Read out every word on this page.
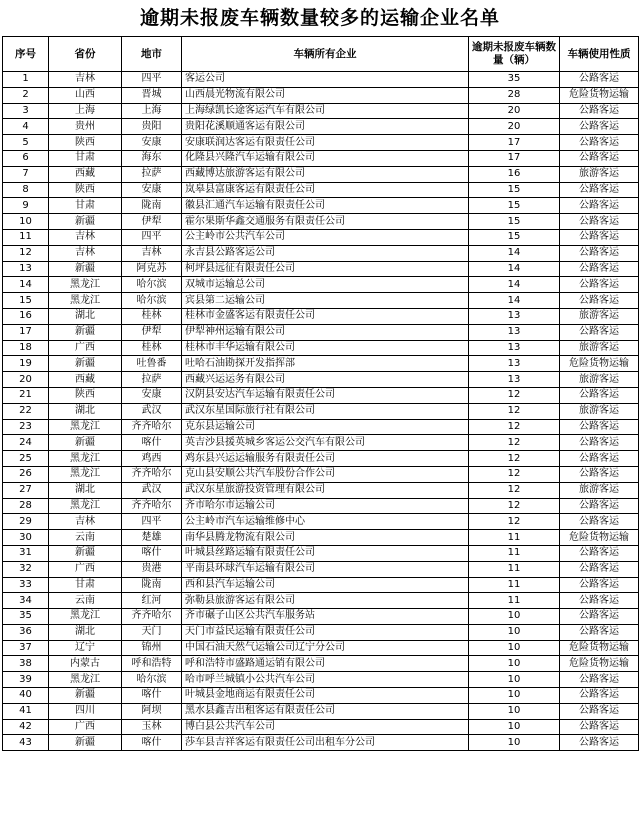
逾期未报废车辆数量较多的运输企业名单
序号	省份	地市	车辆所有企业	逾期未报废车辆数量（辆）	车辆使用性质
1	吉林	四平	客运公司	35	公路客运
2	山西	晋城	山西晨光物流有限公司	28	危险货物运输
3	上海	上海	上海绿凯长途客运汽车有限公司	20	公路客运
4	贵州	贵阳	贵阳花溪顺通客运有限公司	20	公路客运
5	陕西	安康	安康联润达客运有限责任公司	17	公路客运
6	甘肃	海东	化隆县兴隆汽车运输有限公司	17	公路客运
7	西藏	拉萨	西藏博达旅游客运有限公司	16	旅游客运
8	陕西	安康	岚皋县富康客运有限责任公司	15	公路客运
9	甘肃	陇南	徽县汇通汽车运输有限责任公司	15	公路客运
10	新疆	伊犁	霍尔果斯华鑫交通服务有限责任公司	15	公路客运
11	吉林	四平	公主岭市公共汽车公司	15	公路客运
12	吉林	吉林	永吉县公路客运公司	14	公路客运
13	新疆	阿克苏	柯坪县远征有限责任公司	14	公路客运
14	黑龙江	哈尔滨	双城市运输总公司	14	公路客运
15	黑龙江	哈尔滨	宾县第二运输公司	14	公路客运
16	湖北	桂林	桂林市金盛客运有限责任公司	13	旅游客运
17	新疆	伊犁	伊犁神州运输有限公司	13	公路客运
18	广西	桂林	桂林市丰华运输有限公司	13	旅游客运
19	新疆	吐鲁番	吐哈石油勘探开发指挥部	13	危险货物运输
20	西藏	拉萨	西藏兴运运务有限公司	13	旅游客运
21	陕西	安康	汉阴县安达汽车运输有限责任公司	12	公路客运
22	湖北	武汉	武汉东星国际旅行社有限公司	12	旅游客运
23	黑龙江	齐齐哈尔	克东县运输公司	12	公路客运
24	新疆	喀什	英吉沙县援英城乡客运公交汽车有限公司	12	公路客运
25	黑龙江	鸡西	鸡东县兴运运输服务有限责任公司	12	公路客运
26	黑龙江	齐齐哈尔	克山县安顺公共汽车股份合作公司	12	公路客运
27	湖北	武汉	武汉东星旅游投资管理有限公司	12	旅游客运
28	黑龙江	齐齐哈尔	齐市哈尔市运输公司	12	公路客运
29	吉林	四平	公主岭市汽车运输维修中心	12	公路客运
30	云南	楚雄	南华县腾龙物流有限公司	11	危险货物运输
31	新疆	喀什	叶城县丝路运输有限责任公司	11	公路客运
32	广西	贵港	平南县环球汽车运输有限公司	11	公路客运
33	甘肃	陇南	西和县汽车运输公司	11	公路客运
34	云南	红河	弥勒县旅游客运有限公司	11	公路客运
35	黑龙江	齐齐哈尔	齐市碾子山区公共汽车服务站	10	公路客运
36	湖北	天门	天门市益民运输有限责任公司	10	公路客运
37	辽宁	锦州	中国石油天然气运输公司辽宁分公司	10	危险货物运输
38	内蒙古	呼和浩特	呼和浩特市盛路通运销有限公司	10	危险货物运输
39	黑龙江	哈尔滨	哈市呼兰城镇小公共汽车公司	10	公路客运
40	新疆	喀什	叶城县金地商运有限责任公司	10	公路客运
41	四川	阿坝	黑水县鑫吉出租客运有限责任公司	10	公路客运
42	广西	玉林	博白县公共汽车公司	10	公路客运
43	新疆	喀什	莎车县吉祥客运有限责任公司出租车分公司	10	公路客运
